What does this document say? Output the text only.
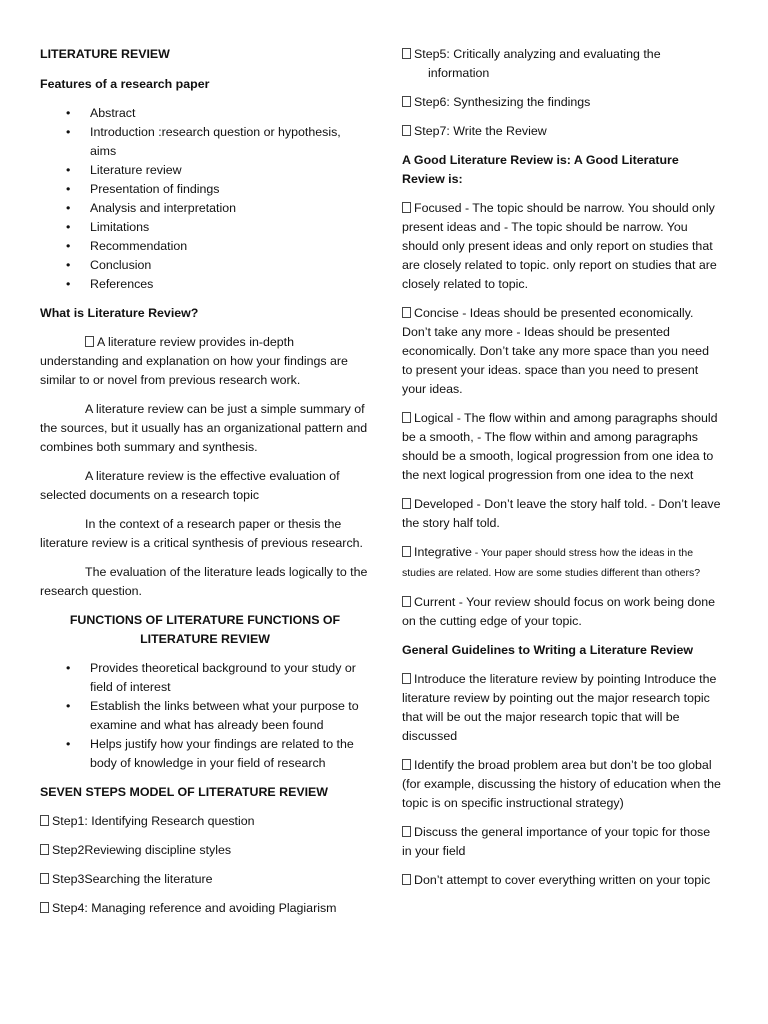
LITERATURE REVIEW

Features of a research paper

• Abstract
• Introduction :research question or hypothesis, aims
• Literature review
• Presentation of findings
• Analysis and interpretation
• Limitations
• Recommendation
• Conclusion
• References

What is Literature Review?

A literature review provides in-depth understanding and explanation on how your findings are similar to or novel from previous research work.

A literature review can be just a simple summary of the sources, but it usually has an organizational pattern and combines both summary and synthesis.

A literature review is the effective evaluation of selected documents on a research topic

In the context of a research paper or thesis the literature review is a critical synthesis of previous research.

The evaluation of the literature leads logically to the research question.

FUNCTIONS OF LITERATURE FUNCTIONS OF LITERATURE REVIEW

• Provides theoretical background to your study or field of interest
• Establish the links between what your purpose to examine and what has already been found
• Helps justify how your findings are related to the body of knowledge in your field of research

SEVEN STEPS MODEL OF LITERATURE REVIEW

Step1: Identifying Research question

Step2Reviewing discipline styles

Step3Searching the literature

Step4: Managing reference and avoiding Plagiarism

Step5: Critically analyzing and evaluating the information

Step6: Synthesizing the findings

Step7: Write the Review

A Good Literature Review is: A Good Literature Review is:

Focused - The topic should be narrow. You should only present ideas and - The topic should be narrow. You should only present ideas and only report on studies that are closely related to topic. only report on studies that are closely related to topic.

Concise - Ideas should be presented economically. Don’t take any more - Ideas should be presented economically. Don’t take any more space than you need to present your ideas. space than you need to present your ideas.

Logical - The flow within and among paragraphs should be a smooth, - The flow within and among paragraphs should be a smooth, logical progression from one idea to the next logical progression from one idea to the next

Developed - Don’t leave the story half told. - Don’t leave the story half told.

Integrative - Your paper should stress how the ideas in the studies are related. How are some studies different than others?

Current - Your review should focus on work being done on the cutting edge of your topic.

General Guidelines to Writing a Literature Review

Introduce the literature review by pointing Introduce the literature review by pointing out the major research topic that will be out the major research topic that will be discussed

Identify the broad problem area but don’t be too global (for example, discussing the history of education when the topic is on specific instructional strategy)

Discuss the general importance of your topic for those in your field

Don’t attempt to cover everything written on your topic
